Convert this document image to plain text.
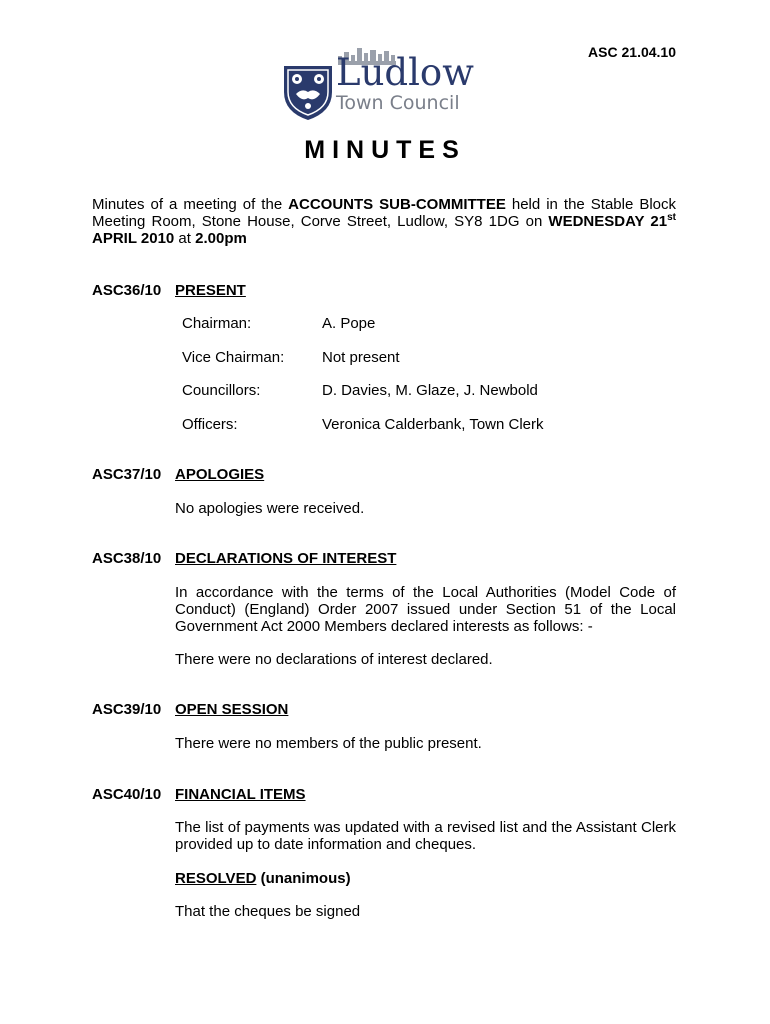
ASC 21.04.10
Ludlow
Town Council
MINUTES
Minutes of a meeting of the ACCOUNTS SUB-COMMITTEE held in the Stable Block Meeting Room, Stone House, Corve Street, Ludlow, SY8 1DG on WEDNESDAY 21st APRIL 2010 at 2.00pm
ASC36/10 PRESENT
Chairman:	A. Pope
Vice Chairman:	Not present
Councillors:	D. Davies, M. Glaze, J. Newbold
Officers:	Veronica Calderbank, Town Clerk
ASC37/10 APOLOGIES
No apologies were received.
ASC38/10 DECLARATIONS OF INTEREST
In accordance with the terms of the Local Authorities (Model Code of Conduct) (England) Order 2007 issued under Section 51 of the Local Government Act 2000 Members declared interests as follows: -
There were no declarations of interest declared.
ASC39/10 OPEN SESSION
There were no members of the public present.
ASC40/10 FINANCIAL ITEMS
The list of payments was updated with a revised list and the Assistant Clerk provided up to date information and cheques.
RESOLVED (unanimous)
That the cheques be signed
